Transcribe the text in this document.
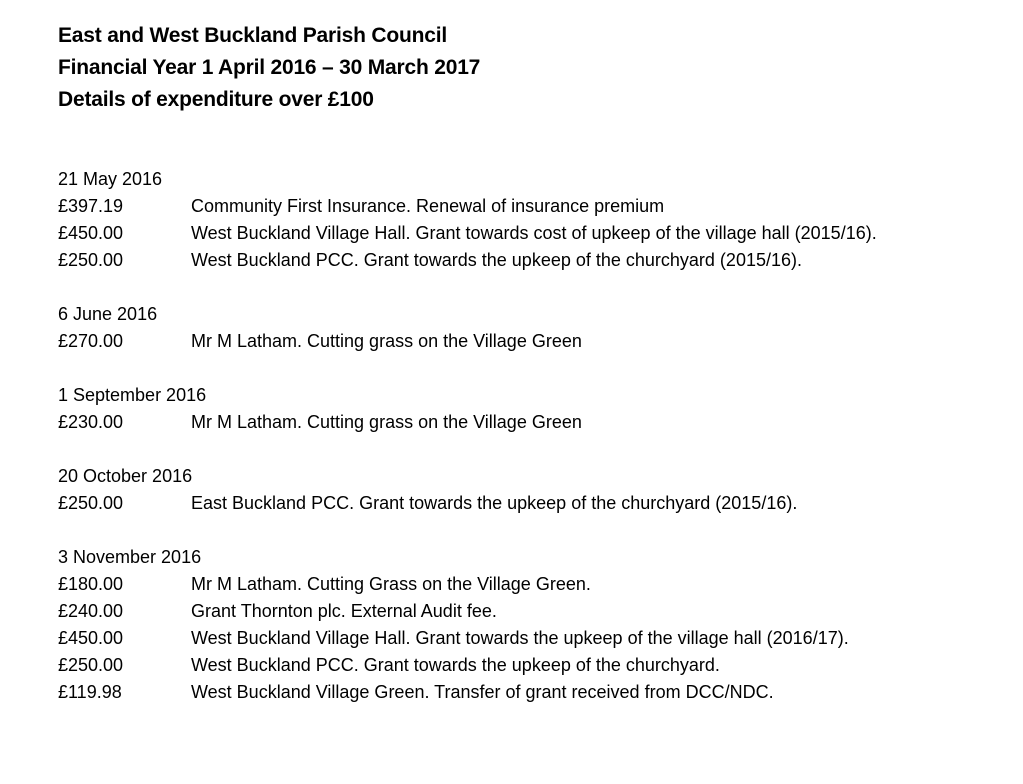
East and West Buckland Parish Council
Financial Year 1 April 2016 – 30 March 2017
Details of expenditure over £100
21 May 2016
£397.19	Community First Insurance. Renewal of insurance premium
£450.00	West Buckland Village Hall. Grant towards cost of upkeep of the village hall (2015/16).
£250.00	West Buckland PCC. Grant towards the upkeep of the churchyard (2015/16).
6 June 2016
£270.00	Mr M Latham. Cutting grass on the Village Green
1 September 2016
£230.00	Mr M Latham. Cutting grass on the Village Green
20 October 2016
£250.00	East Buckland PCC. Grant towards the upkeep of the churchyard (2015/16).
3 November 2016
£180.00	Mr M Latham. Cutting Grass on the Village Green.
£240.00	Grant Thornton plc. External Audit fee.
£450.00	West Buckland Village Hall. Grant towards the upkeep of the village hall (2016/17).
£250.00	West Buckland PCC. Grant towards the upkeep of the churchyard.
£119.98	West Buckland Village Green. Transfer of grant received from DCC/NDC.
